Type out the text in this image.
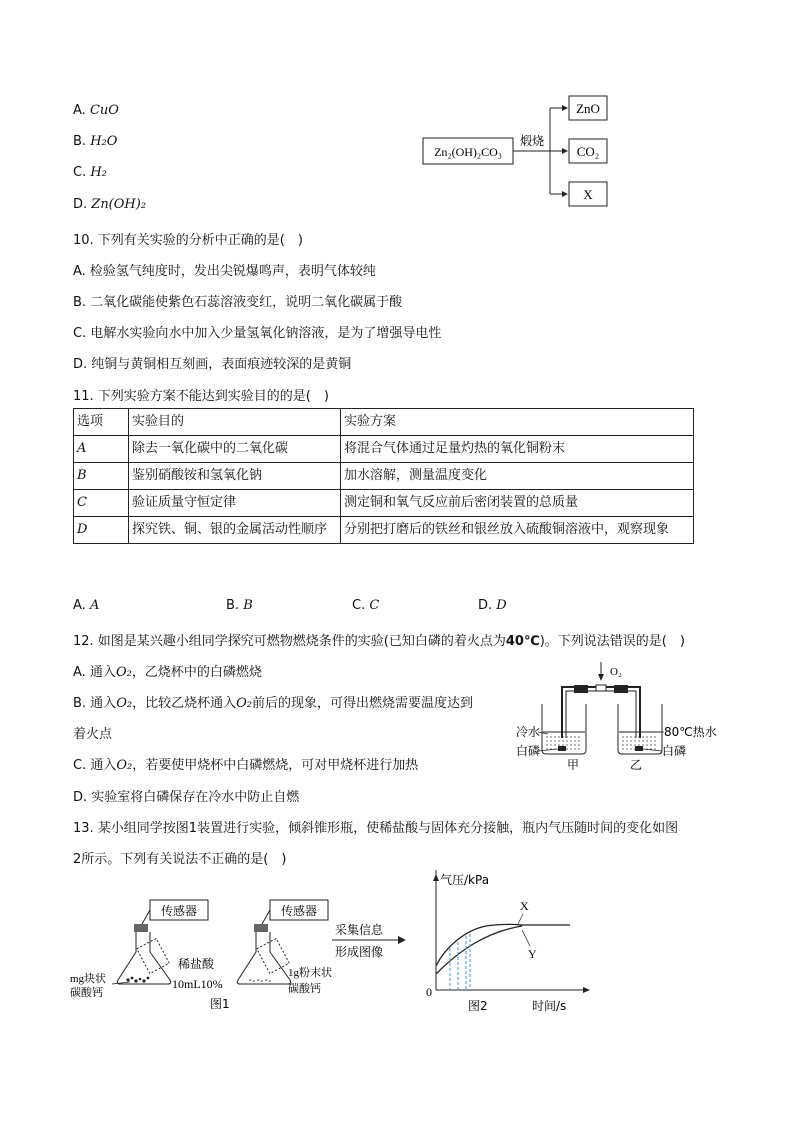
A. CuO
B. H₂O
C. H₂
D. Zn(OH)₂
Zn₂(OH)₂CO₃
煅烧
ZnO
CO₂
X
10. 下列有关实验的分析中正确的是(　)
A. 检验氢气纯度时，发出尖锐爆鸣声，表明气体较纯
B. 二氧化碳能使紫色石蕊溶液变红，说明二氧化碳属于酸
C. 电解水实验向水中加入少量氢氧化钠溶液，是为了增强导电性
D. 纯铜与黄铜相互刻画，表面痕迹较深的是黄铜
11. 下列实验方案不能达到实验目的的是(　)
选项	实验目的	实验方案
A	除去一氧化碳中的二氧化碳	将混合气体通过足量灼热的氧化铜粉末
B	鉴别硝酸铵和氢氧化钠	加水溶解，测量温度变化
C	验证质量守恒定律	测定铜和氧气反应前后密闭装置的总质量
D	探究铁、铜、银的金属活动性顺序	分别把打磨后的铁丝和银丝放入硫酸铜溶液中，观察现象
A. A	B. B	C. C	D. D
12. 如图是某兴趣小组同学探究可燃物燃烧条件的实验(已知白磷的着火点为40℃)。下列说法错误的是(　)
A. 通入O₂，乙烧杯中的白磷燃烧
B. 通入O₂，比较乙烧杯通入O₂前后的现象，可得出燃烧需要温度达到
着火点
C. 通入O₂，若要使甲烧杯中白磷燃烧，可对甲烧杯进行加热
D. 实验室将白磷保存在冷水中防止自燃
O₂
冷水
白磷
甲
80℃热水
白磷
乙
13. 某小组同学按图1装置进行实验，倾斜锥形瓶，使稀盐酸与固体充分接触，瓶内气压随时间的变化如图
2所示。下列有关说法不正确的是(　)
传感器
mg块状
碳酸钙
稀盐酸
10mL10%
传感器
1g粉末状
碳酸钙
采集信息
形成图像
图1
气压/kPa
时间/s
0
X
Y
图2
